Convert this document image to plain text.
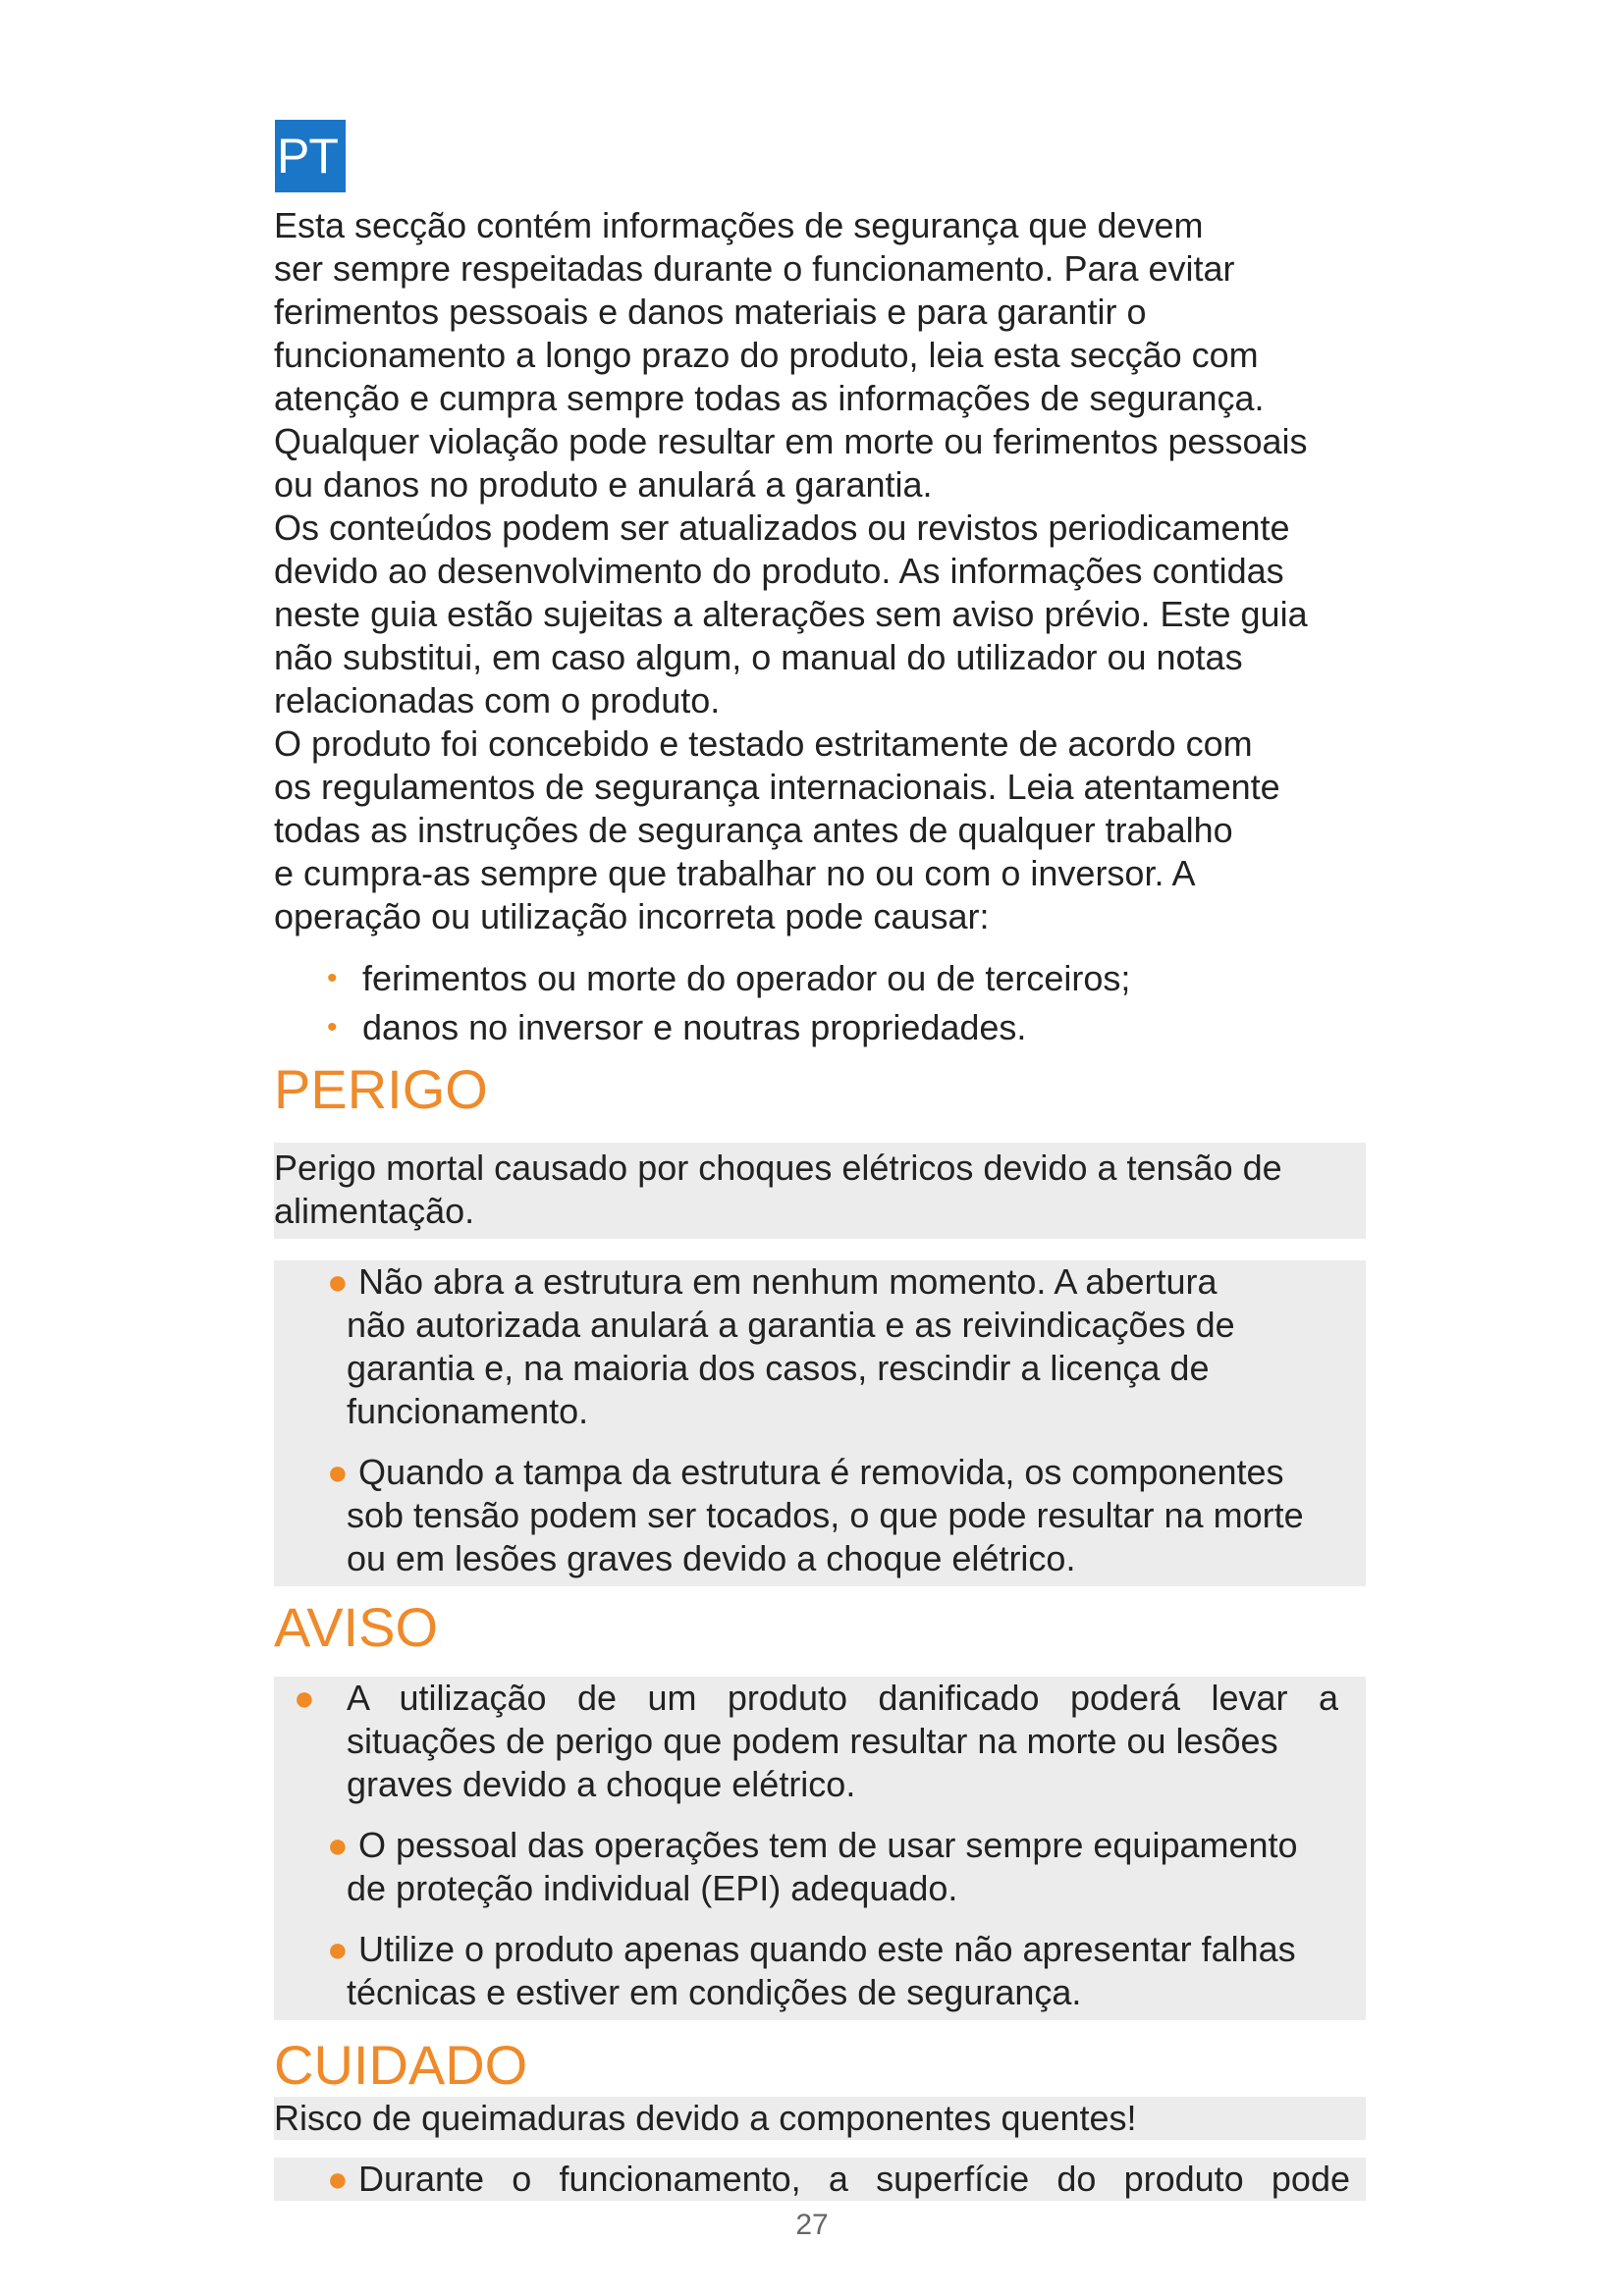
PT
Esta secção contém informações de segurança que devem
ser sempre respeitadas durante o funcionamento. Para evitar
ferimentos pessoais e danos materiais e para garantir o
funcionamento a longo prazo do produto, leia esta secção com
atenção e cumpra sempre todas as informações de segurança.
Qualquer violação pode resultar em morte ou ferimentos pessoais
ou danos no produto e anulará a garantia.
Os conteúdos podem ser atualizados ou revistos periodicamente
devido ao desenvolvimento do produto. As informações contidas
neste guia estão sujeitas a alterações sem aviso prévio. Este guia
não substitui, em caso algum, o manual do utilizador ou notas
relacionadas com o produto.
O produto foi concebido e testado estritamente de acordo com
os regulamentos de segurança internacionais. Leia atentamente
todas as instruções de segurança antes de qualquer trabalho
e cumpra-as sempre que trabalhar no ou com o inversor. A
operação ou utilização incorreta pode causar:
• ferimentos ou morte do operador ou de terceiros;
• danos no inversor e noutras propriedades.
PERIGO
Perigo mortal causado por choques elétricos devido a tensão de
alimentação.
● Não abra a estrutura em nenhum momento. A abertura
não autorizada anulará a garantia e as reivindicações de
garantia e, na maioria dos casos, rescindir a licença de
funcionamento.
● Quando a tampa da estrutura é removida, os componentes
sob tensão podem ser tocados, o que pode resultar na morte
ou em lesões graves devido a choque elétrico.
AVISO
● A utilização de um produto danificado poderá levar a
situações de perigo que podem resultar na morte ou lesões
graves devido a choque elétrico.
● O pessoal das operações tem de usar sempre equipamento
de proteção individual (EPI) adequado.
● Utilize o produto apenas quando este não apresentar falhas
técnicas e estiver em condições de segurança.
CUIDADO
Risco de queimaduras devido a componentes quentes!
● Durante o funcionamento, a superfície do produto pode
27
